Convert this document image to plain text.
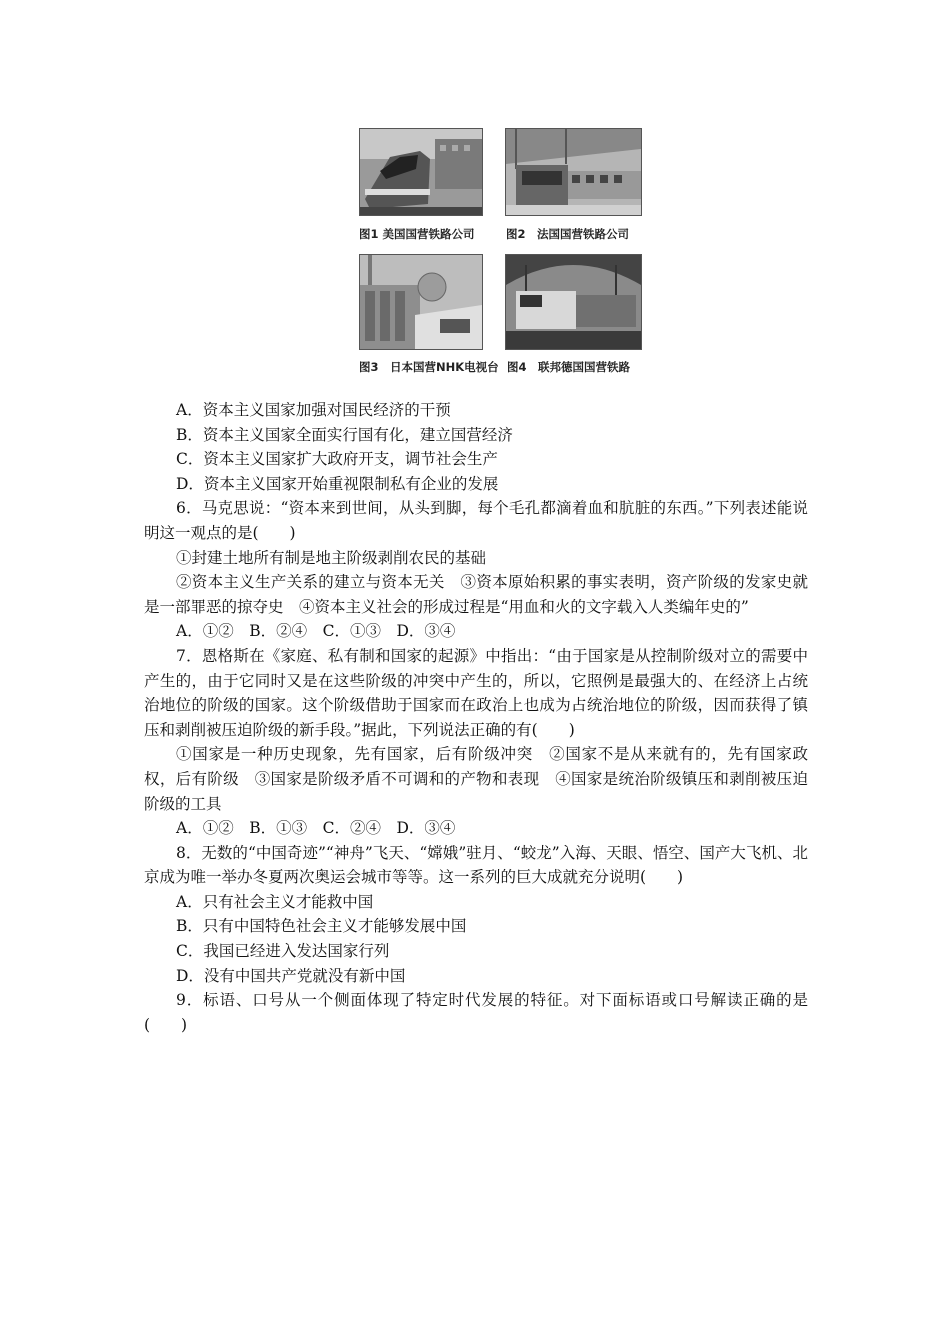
图1 美国国营铁路公司	图2　法国国营铁路公司
图3　日本国营NHK电视台 图4　联邦德国国营铁路

A．资本主义国家加强对国民经济的干预

B．资本主义国家全面实行国有化，建立国营经济

C．资本主义国家扩大政府开支，调节社会生产

D．资本主义国家开始重视限制私有企业的发展

6．马克思说：“资本来到世间，从头到脚，每个毛孔都滴着血和肮脏的东西。”下列表述能说明这一观点的是(　　)

①封建土地所有制是地主阶级剥削农民的基础

②资本主义生产关系的建立与资本无关　③资本原始积累的事实表明，资产阶级的发家史就是一部罪恶的掠夺史　④资本主义社会的形成过程是“用血和火的文字载入人类编年史的”

A．①②　B．②④　C．①③　D．③④

7．恩格斯在《家庭、私有制和国家的起源》中指出：“由于国家是从控制阶级对立的需要中产生的，由于它同时又是在这些阶级的冲突中产生的，所以，它照例是最强大的、在经济上占统治地位的阶级的国家。这个阶级借助于国家而在政治上也成为占统治地位的阶级，因而获得了镇压和剥削被压迫阶级的新手段。”据此，下列说法正确的有(　　)

①国家是一种历史现象，先有国家，后有阶级冲突　②国家不是从来就有的，先有国家政权，后有阶级　③国家是阶级矛盾不可调和的产物和表现　④国家是统治阶级镇压和剥削被压迫阶级的工具

A．①②　B．①③　C．②④　D．③④

8．无数的“中国奇迹”“神舟”飞天、“嫦娥”驻月、“蛟龙”入海、天眼、悟空、国产大飞机、北京成为唯一举办冬夏两次奥运会城市等等。这一系列的巨大成就充分说明(　　)

A．只有社会主义才能救中国

B．只有中国特色社会主义才能够发展中国

C．我国已经进入发达国家行列

D．没有中国共产党就没有新中国

9．标语、口号从一个侧面体现了特定时代发展的特征。对下面标语或口号解读正确的是(　　)
